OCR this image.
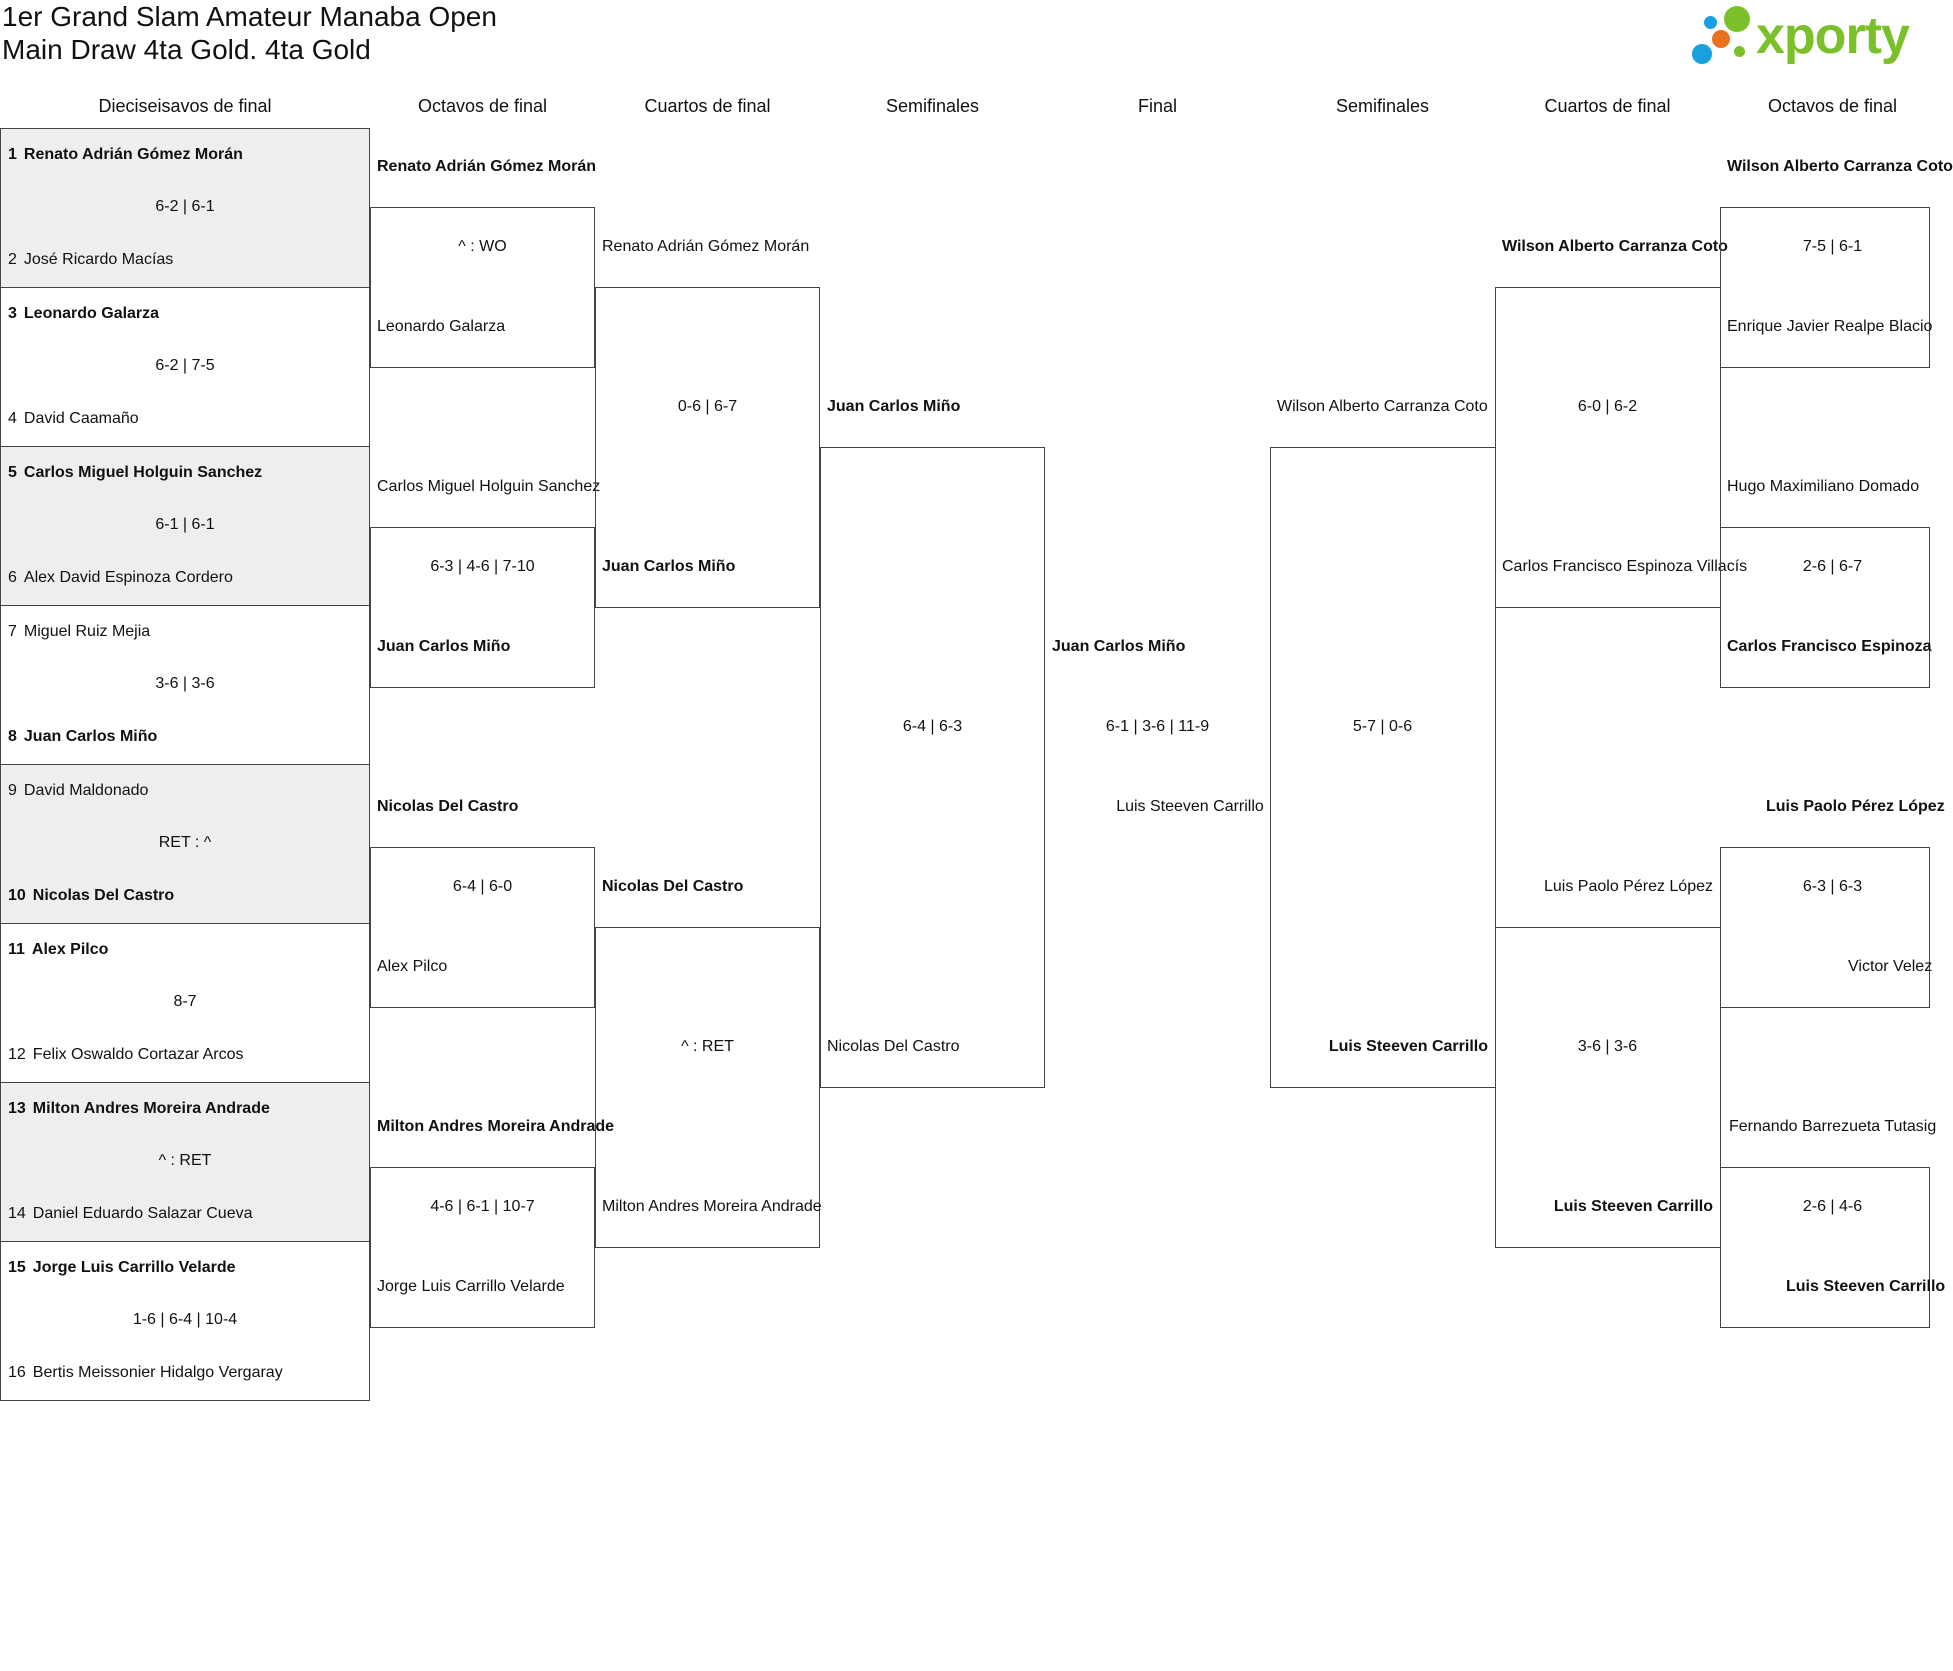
1er Grand Slam Amateur Manaba Open
Main Draw 4ta Gold. 4ta Gold	xporty
Dieciseisavos de final	Octavos de final	Cuartos de final	Semifinales	Final	Semifinales	Cuartos de final	Octavos de final
1 Renato Adrián Gómez Morán
6-2 | 6-1
2 José Ricardo Macías
3 Leonardo Galarza
6-2 | 7-5
4 David Caamaño
5 Carlos Miguel Holguin Sanchez
6-1 | 6-1
6 Alex David Espinoza Cordero
7 Miguel Ruiz Mejia
3-6 | 3-6
8 Juan Carlos Miño
9 David Maldonado
RET : ^
10 Nicolas Del Castro
11 Alex Pilco
8-7
12 Felix Oswaldo Cortazar Arcos
13 Milton Andres Moreira Andrade
^ : RET
14 Daniel Eduardo Salazar Cueva
15 Jorge Luis Carrillo Velarde
1-6 | 6-4 | 10-4
16 Bertis Meissonier Hidalgo Vergaray
Renato Adrián Gómez Morán
^ : WO
Leonardo Galarza
Carlos Miguel Holguin Sanchez
6-3 | 4-6 | 7-10
Juan Carlos Miño
Nicolas Del Castro
6-4 | 6-0
Alex Pilco
Milton Andres Moreira Andrade
4-6 | 6-1 | 10-7
Jorge Luis Carrillo Velarde
Renato Adrián Gómez Morán
0-6 | 6-7
Juan Carlos Miño
Nicolas Del Castro
^ : RET
Milton Andres Moreira Andrade
Juan Carlos Miño
6-4 | 6-3
Nicolas Del Castro
Juan Carlos Miño
6-1 | 3-6 | 11-9
Luis Steeven Carrillo
Wilson Alberto Carranza Coto
5-7 | 0-6
Luis Steeven Carrillo
Wilson Alberto Carranza Coto
6-0 | 6-2
Carlos Francisco Espinoza Villacís
Luis Paolo Pérez López
3-6 | 3-6
Luis Steeven Carrillo
Wilson Alberto Carranza Coto
7-5 | 6-1
Enrique Javier Realpe Blacio
Hugo Maximiliano Domado
2-6 | 6-7
Carlos Francisco Espinoza
Luis Paolo Pérez López
6-3 | 6-3
Victor Velez
Fernando Barrezueta Tutasig
2-6 | 4-6
Luis Steeven Carrillo
